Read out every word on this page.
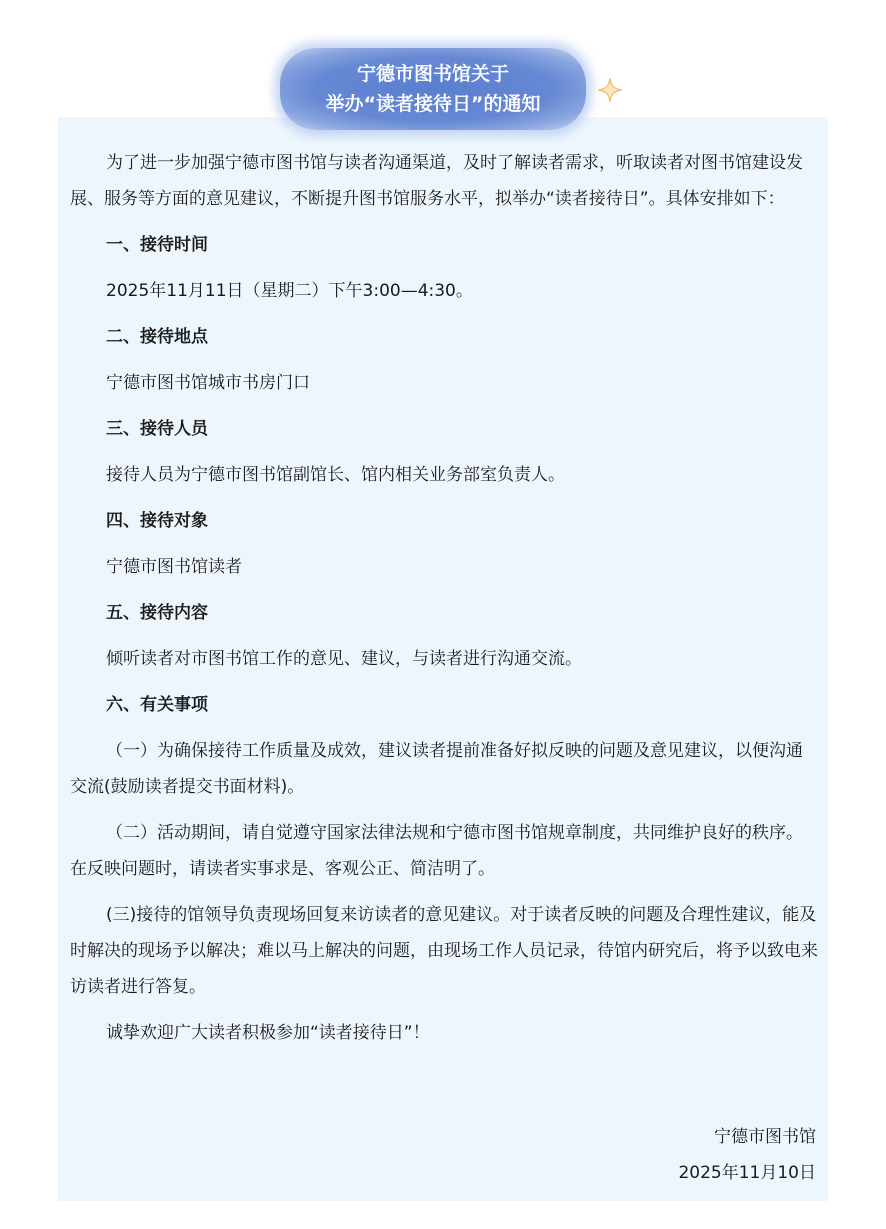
宁德市图书馆关于
举办“读者接待日”的通知

为了进一步加强宁德市图书馆与读者沟通渠道，及时了解读者需求，听取读者对图书馆建设发展、服务等方面的意见建议，不断提升图书馆服务水平，拟举办“读者接待日”。具体安排如下：

一、接待时间

2025年11月11日（星期二）下午3:00—4:30。

二、接待地点

宁德市图书馆城市书房门口

三、接待人员

接待人员为宁德市图书馆副馆长、馆内相关业务部室负责人。

四、接待对象

宁德市图书馆读者

五、接待内容

倾听读者对市图书馆工作的意见、建议，与读者进行沟通交流。

六、有关事项

（一）为确保接待工作质量及成效，建议读者提前准备好拟反映的问题及意见建议，以便沟通交流(鼓励读者提交书面材料)。

（二）活动期间，请自觉遵守国家法律法规和宁德市图书馆规章制度，共同维护良好的秩序。在反映问题时，请读者实事求是、客观公正、简洁明了。

(三)接待的馆领导负责现场回复来访读者的意见建议。对于读者反映的问题及合理性建议，能及时解决的现场予以解决；难以马上解决的问题，由现场工作人员记录，待馆内研究后，将予以致电来访读者进行答复。

诚挚欢迎广大读者积极参加“读者接待日”！

宁德市图书馆
2025年11月10日
